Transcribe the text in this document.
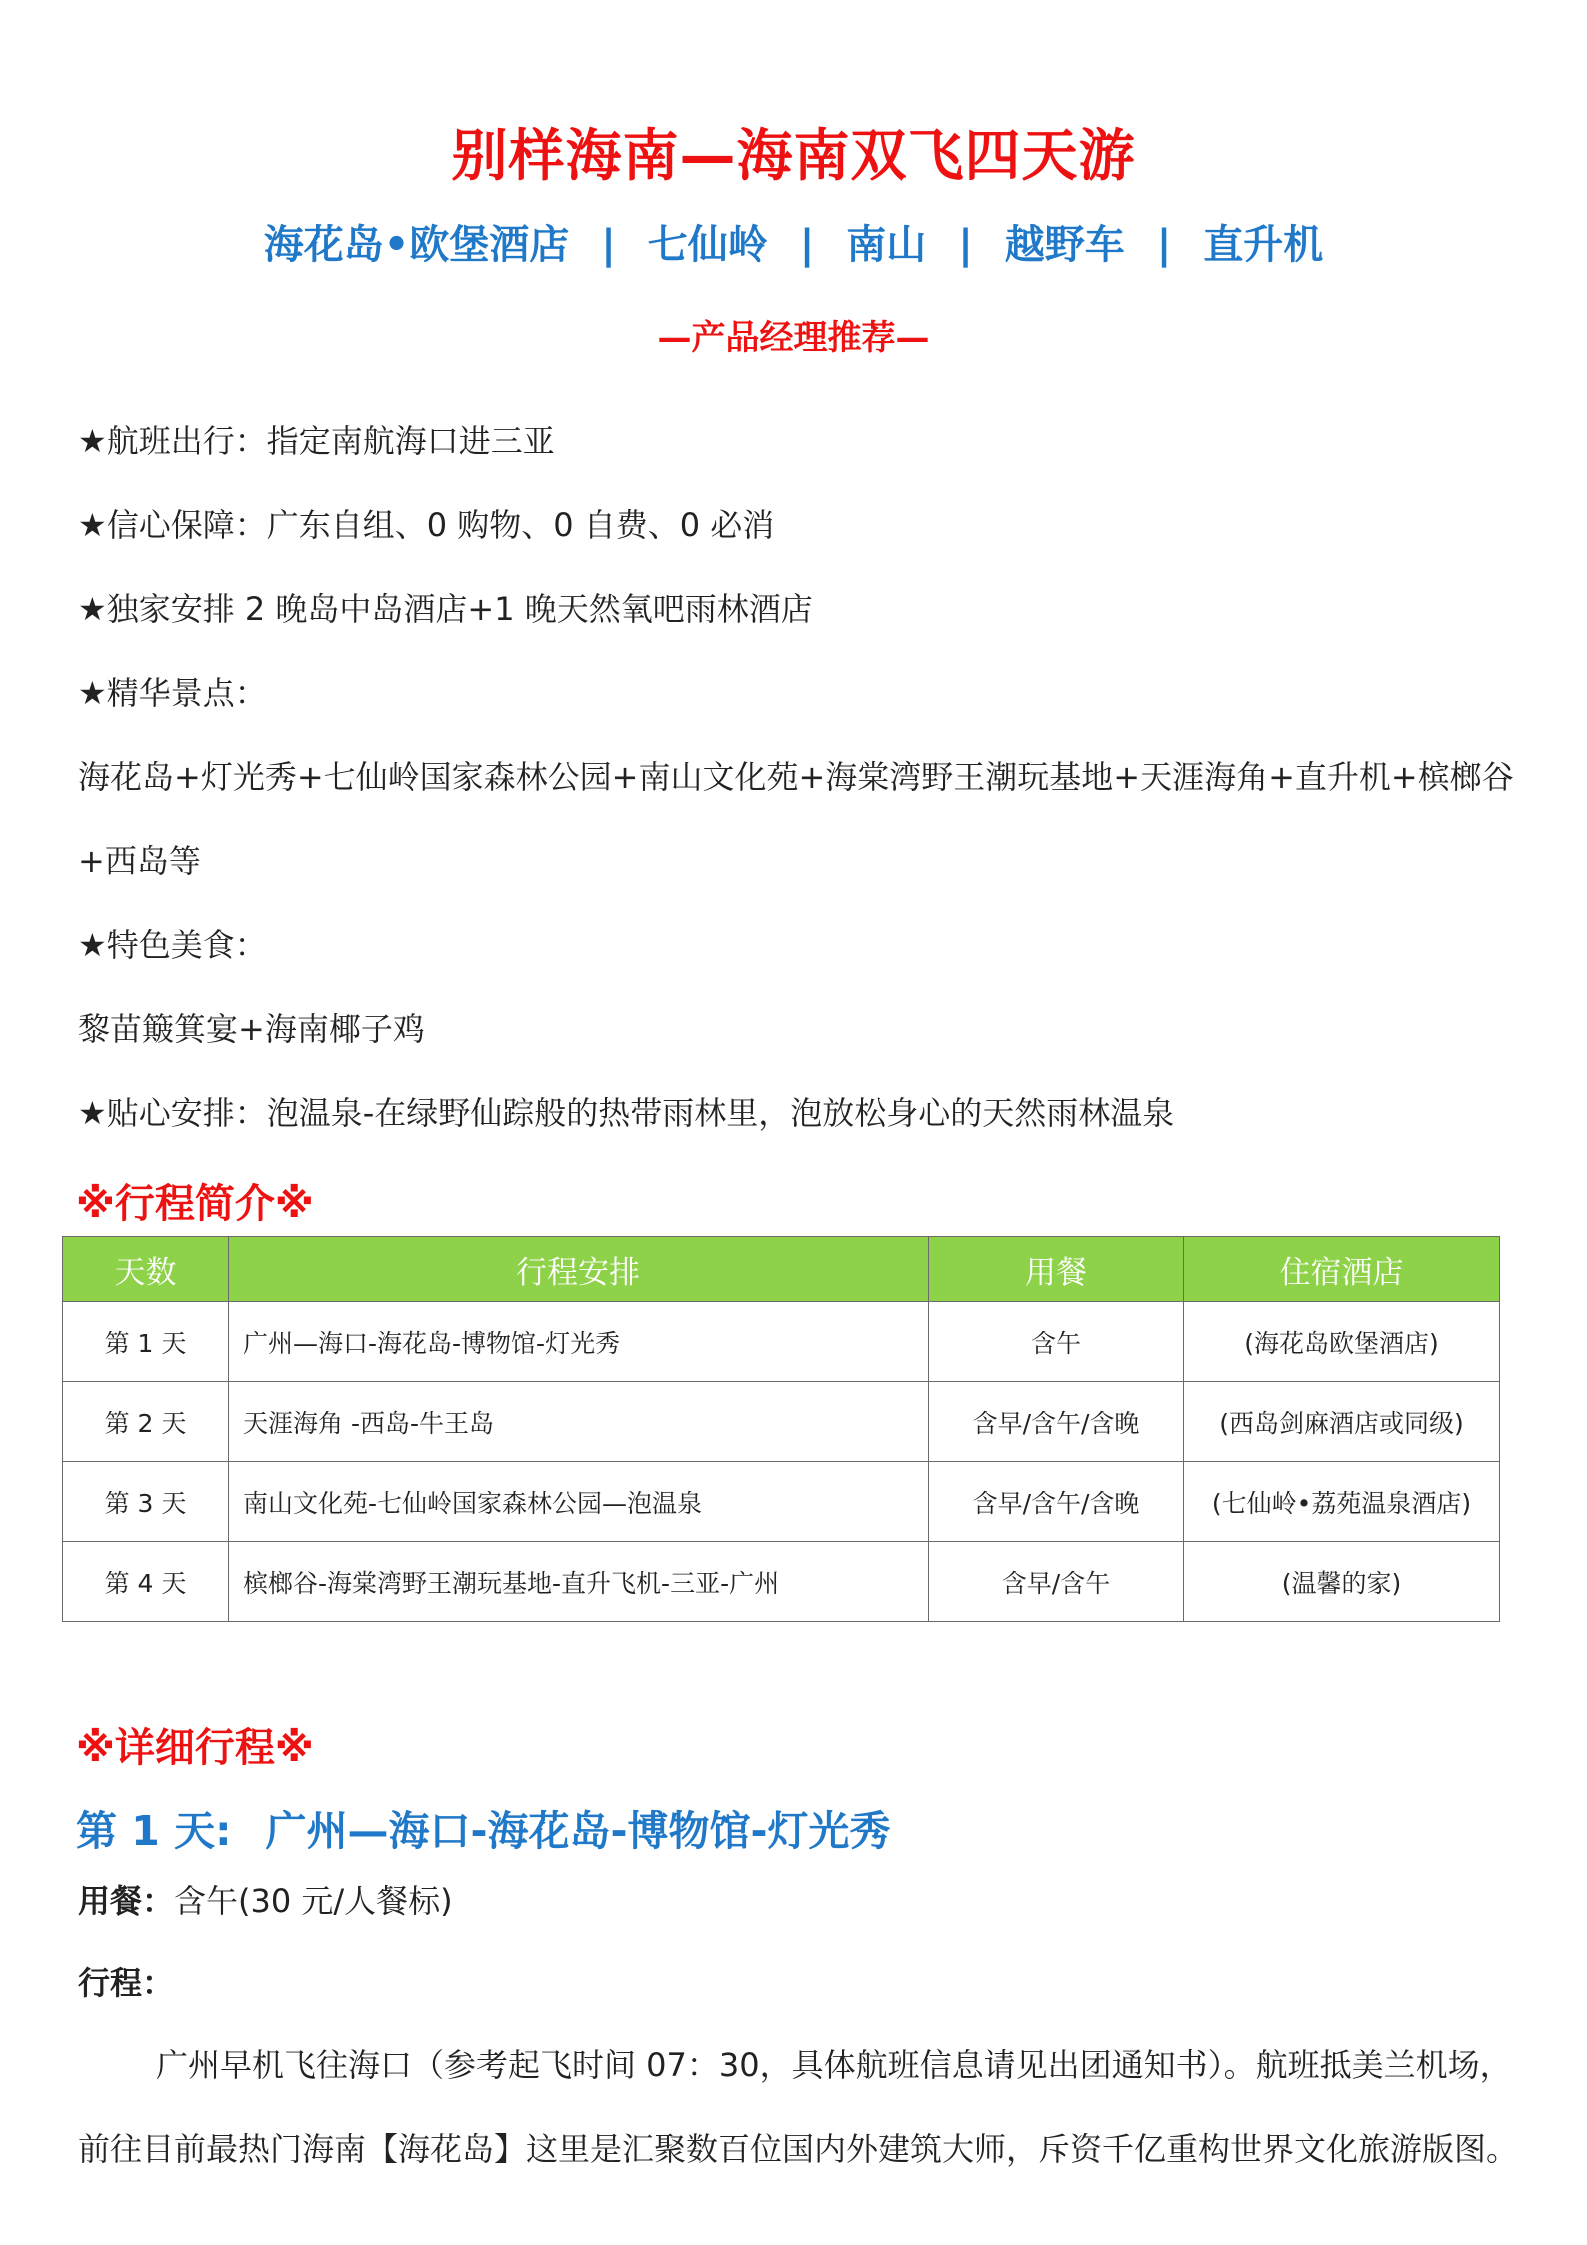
别样海南—海南双飞四天游
海花岛•欧堡酒店 | 七仙岭 | 南山 | 越野车 | 直升机
—产品经理推荐—
★航班出行：指定南航海口进三亚
★信心保障：广东自组、0 购物、0 自费、0 必消
★独家安排 2 晚岛中岛酒店+1 晚天然氧吧雨林酒店
★精华景点：
海花岛+灯光秀+七仙岭国家森林公园+南山文化苑+海棠湾野王潮玩基地+天涯海角+直升机+槟榔谷
+西岛等
★特色美食：
黎苗簸箕宴+海南椰子鸡
★贴心安排：泡温泉-在绿野仙踪般的热带雨林里，泡放松身心的天然雨林温泉
※行程简介※
天数	行程安排	用餐	住宿酒店
第 1 天	广州—海口-海花岛-博物馆-灯光秀	含午	(海花岛欧堡酒店)
第 2 天	天涯海角 -西岛-牛王岛	含早/含午/含晚	(西岛剑麻酒店或同级)
第 3 天	南山文化苑-七仙岭国家森林公园—泡温泉	含早/含午/含晚	(七仙岭•荔苑温泉酒店)
第 4 天	槟榔谷-海棠湾野王潮玩基地-直升飞机-三亚-广州	含早/含午	(温馨的家)
※详细行程※
第 1 天: 广州—海口-海花岛-博物馆-灯光秀
用餐：含午(30 元/人餐标)
行程：
广州早机飞往海口（参考起飞时间 07：30，具体航班信息请见出团通知书）。航班抵美兰机场，
前往目前最热门海南【海花岛】这里是汇聚数百位国内外建筑大师，斥资千亿重构世界文化旅游版图。
